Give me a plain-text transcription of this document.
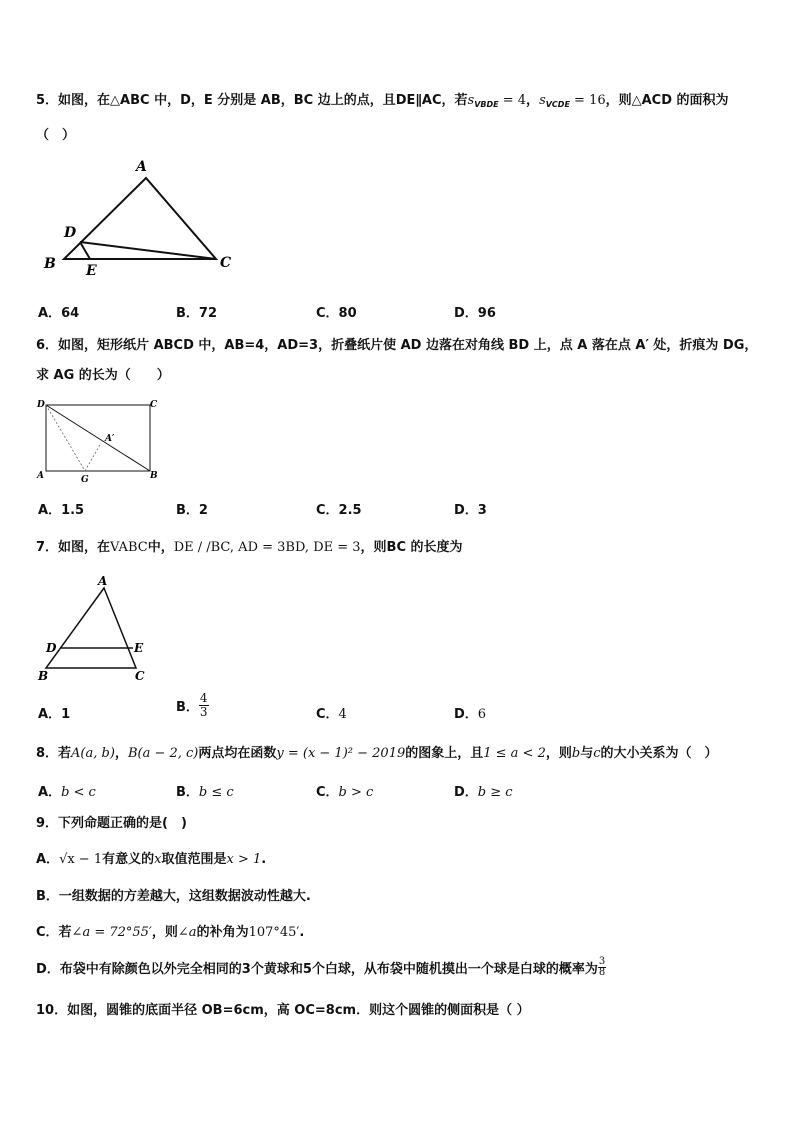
5．如图，在△ABC 中，D，E 分别是 AB，BC 边上的点，且DE∥AC，若$s_{VBDE} = 4$，$s_{VCDE} = 16$，则△ACD 的面积为
（　）
A
B	C
D
E
A．64	B．72	C．80	D．96
6．如图，矩形纸片 ABCD 中，AB=4，AD=3，折叠纸片使 AD 边落在对角线 BD 上，点 A 落在点 A′ 处，折痕为 DG，
求 AG 的长为（　　）
D	C
A	B
G
A′
A．1.5	B．2	C．2.5	D．3
7．如图，在VABC中，DE / /BC, AD = 3BD, DE = 3，则BC 的长度为
A
D	E
B	C
A．1	B． $\frac{4}{3}$	C．4	D．6
8．若A(a, b)，B(a − 2, c)两点均在函数y = (x − 1)² − 2019的图象上，且1 ≤ a < 2，则b与c的大小关系为（　）
A．b < c	B．b ≤ c	C．b > c	D．b ≥ c
9．下列命题正确的是(　)
A．√x − 1有意义的x取值范围是x > 1.
B．一组数据的方差越大，这组数据波动性越大.
C．若∠a = 72°55′，则∠a的补角为107°45′.
D．布袋中有除颜色以外完全相同的3个黄球和5个白球，从布袋中随机摸出一个球是白球的概率为 $\frac{3}{8}$
10．如图，圆锥的底面半径 OB=6cm，高 OC=8cm．则这个圆锥的侧面积是（ ）
